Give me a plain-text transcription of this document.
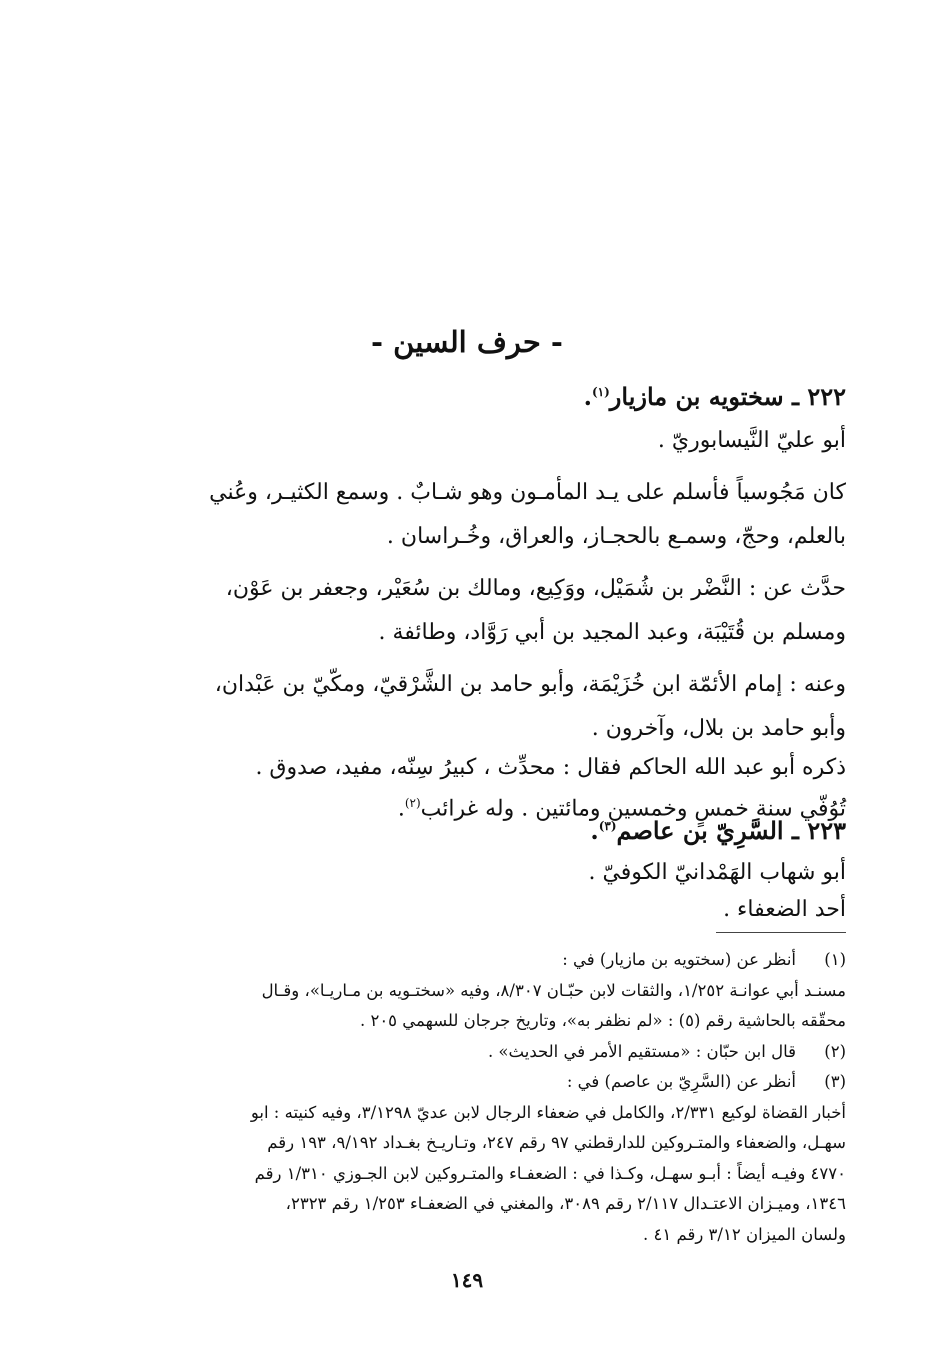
- حرف السين -
٢٢٢ ـ سختويه بن مازيار$^{(١)}$.
أبو عليّ النَّيسابوريّ .
كان مَجُوسياً فأسلم على يـد المأمـون وهو شـابٌ . وسمع الكثيـر، وعُني
بالعلم، وحجّ، وسمـع بالحجـاز، والعراق، وخُـراسان .
حدَّث عن : النَّضْر بن شُمَيْل، ووَكِيع، ومالك بن سُعَيْر، وجعفر بن عَوْن،
ومسلم بن قُتَيْبَة، وعبد المجيد بن أبي رَوَّاد، وطائفة .
وعنه : إمام الأئمّة ابن خُزَيْمَة، وأبو حامد بن الشَّرْقيّ، ومكّيّ بن عَبْدان،
وأبو حامد بن بلال، وآخرون .
ذكره أبو عبد الله الحاكم فقال : محدِّث ، كبيرُ سِنّه، مفيد، صدوق .
تُوُفّي سنة خمسٍ وخمسين ومائتين . وله غرائب$^{(٢)}$.
٢٢٣ ـ السَّرِيّ بن عاصم$^{(٣)}$.
أبو شهاب الهَمْدانيّ الكوفيّ .
أحد الضعفاء .
(١)
أنظر عن (سختويه بن مازيار) في :
مسنـد أبي عوانـة ١/٢٥٢، والثقات لابن حبّـان ٨/٣٠٧، وفيه «سختـويه بن مـاريـا»، وقـال
محقّقه بالحاشية رقم (٥) : «لم نظفر به»، وتاريخ جرجان للسهمي ٢٠٥ .
(٢)
قال ابن حبّان : «مستقيم الأمر في الحديث» .
(٣)
أنظر عن (السَّرِيّ بن عاصم) في :
أخبار القضاة لوكيع ٢/٣٣١، والكامل في ضعفاء الرجال لابن عديّ ٣/١٢٩٨، وفيه كنيته : ابو
سهـل، والضعفاء والمتـروكين للدارقطني ٩٧ رقم ٢٤٧، وتـاريـخ بغـداد ٩/١٩٢، ١٩٣ رقم
٤٧٧٠ وفيـه أيضاً : أبـو سهـل، وكـذا في : الضعفـاء والمتـروكين لابن الجـوزي ١/٣١٠ رقم
١٣٤٦، وميـزان الاعتـدال ٢/١١٧ رقم ٣٠٨٩، والمغني في الضعفـاء ١/٢٥٣ رقم ٢٣٢٣،
ولسان الميزان ٣/١٢ رقم ٤١ .
١٤٩
